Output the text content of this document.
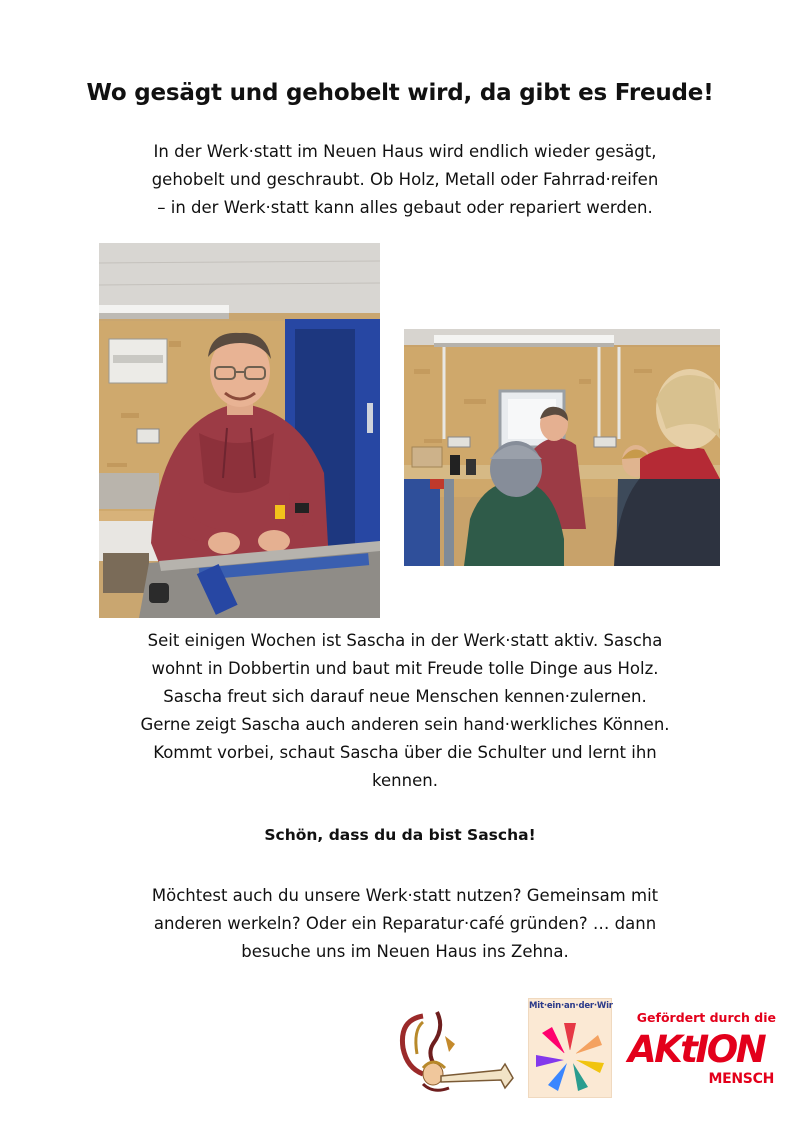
Wo gesägt und gehobelt wird, da gibt es Freude!
In der Werk·statt im Neuen Haus wird endlich wieder gesägt,
gehobelt und geschraubt. Ob Holz, Metall oder Fahrrad·reifen
– in der Werk·statt kann alles gebaut oder repariert werden.
Seit einigen Wochen ist Sascha in der Werk·statt aktiv. Sascha
wohnt in Dobbertin und baut mit Freude tolle Dinge aus Holz.
Sascha freut sich darauf neue Menschen kennen·zulernen.
Gerne zeigt Sascha auch anderen sein hand·werkliches Können.
Kommt vorbei, schaut Sascha über die Schulter und lernt ihn
kennen.
Schön, dass du da bist Sascha!
Möchtest auch du unsere Werk·statt nutzen? Gemeinsam mit
anderen werkeln? Oder ein Reparatur·café gründen? … dann
besuche uns im Neuen Haus ins Zehna.
Mit·ein·an·der·Wir
Gefördert durch die
AKtION
MENSCH
